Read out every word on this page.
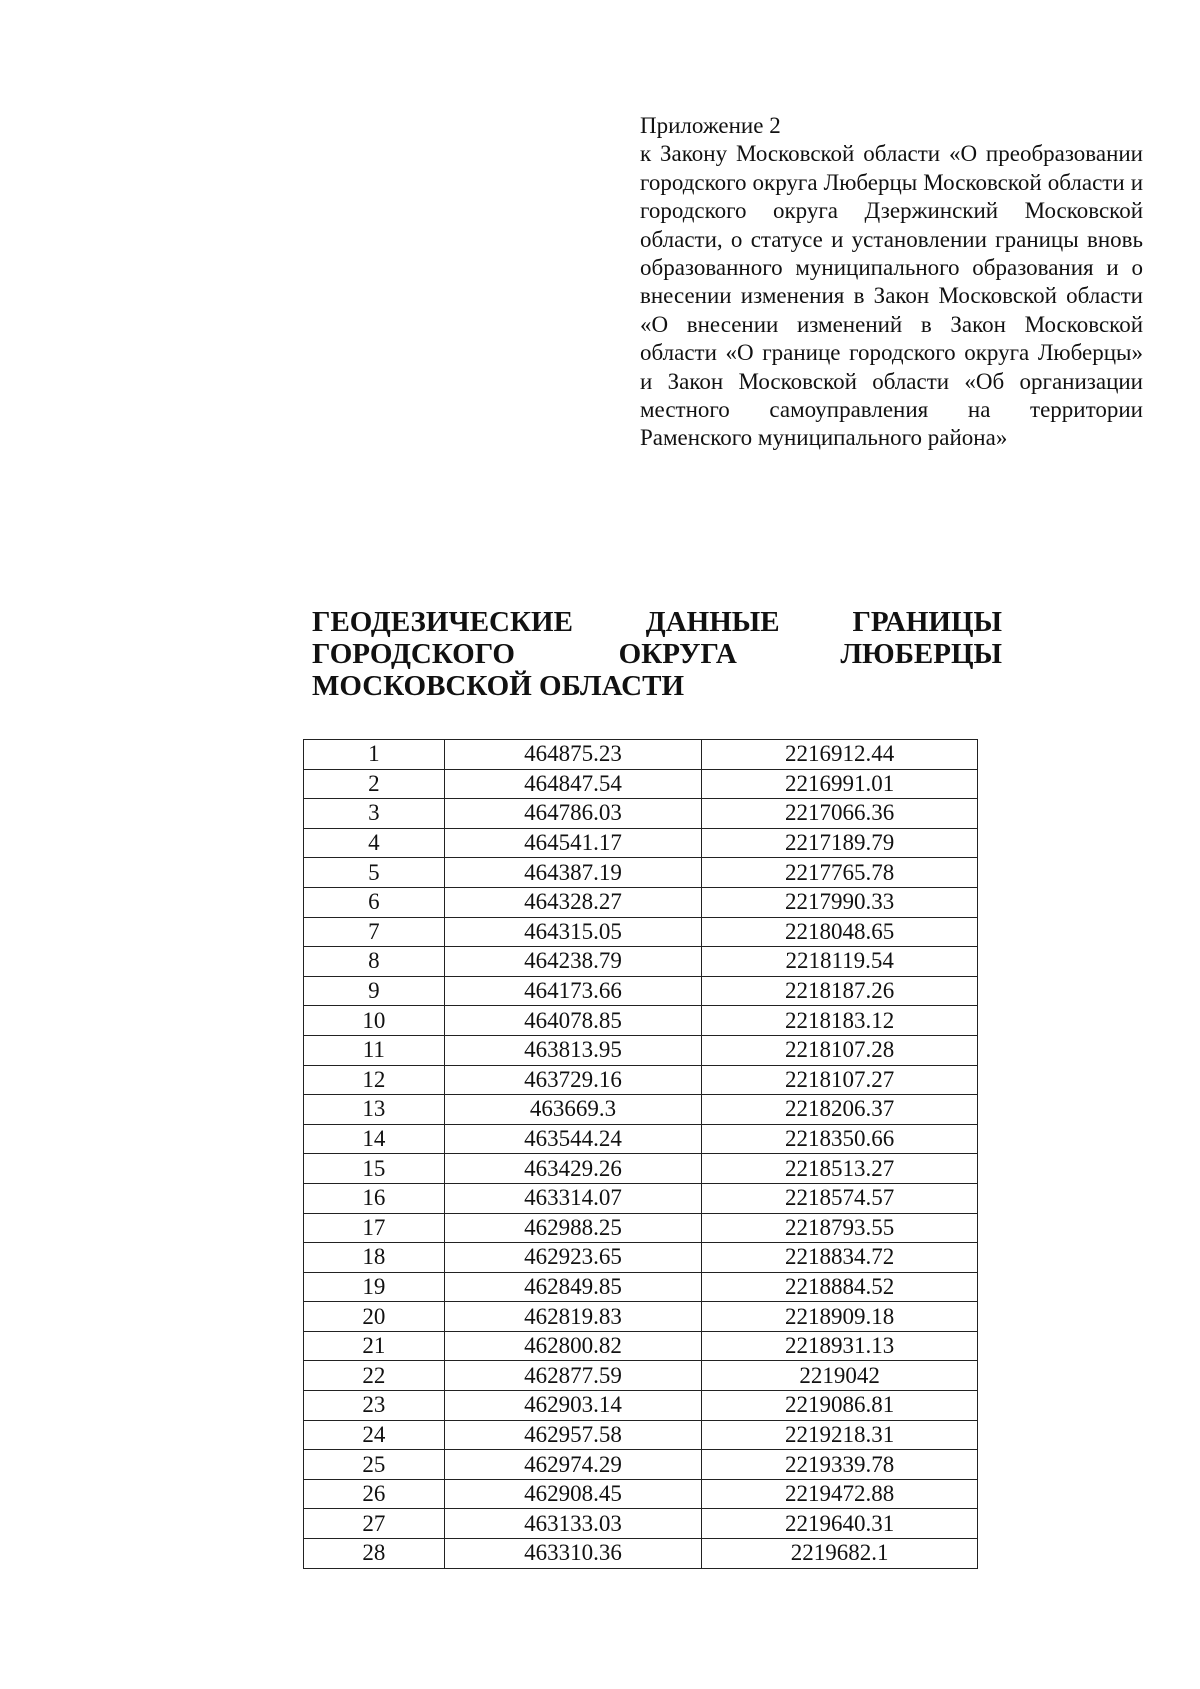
Приложение 2
к Закону Московской области «О преобразовании городского округа Люберцы Московской области и городского округа Дзержинский Московской области, о статусе и установлении границы вновь образованного муниципального образования и о внесении изменения в Закон Московской области «О внесении изменений в Закон Московской области «О границе городского округа Люберцы» и Закон Московской области «Об организации местного самоуправления на территории Раменского муниципального района»
ГЕОДЕЗИЧЕСКИЕ	ДАННЫЕ	ГРАНИЦЫ
ГОРОДСКОГО	ОКРУГА	ЛЮБЕРЦЫ
МОСКОВСКОЙ ОБЛАСТИ
1	464875.23	2216912.44
2	464847.54	2216991.01
3	464786.03	2217066.36
4	464541.17	2217189.79
5	464387.19	2217765.78
6	464328.27	2217990.33
7	464315.05	2218048.65
8	464238.79	2218119.54
9	464173.66	2218187.26
10	464078.85	2218183.12
11	463813.95	2218107.28
12	463729.16	2218107.27
13	463669.3	2218206.37
14	463544.24	2218350.66
15	463429.26	2218513.27
16	463314.07	2218574.57
17	462988.25	2218793.55
18	462923.65	2218834.72
19	462849.85	2218884.52
20	462819.83	2218909.18
21	462800.82	2218931.13
22	462877.59	2219042
23	462903.14	2219086.81
24	462957.58	2219218.31
25	462974.29	2219339.78
26	462908.45	2219472.88
27	463133.03	2219640.31
28	463310.36	2219682.1
